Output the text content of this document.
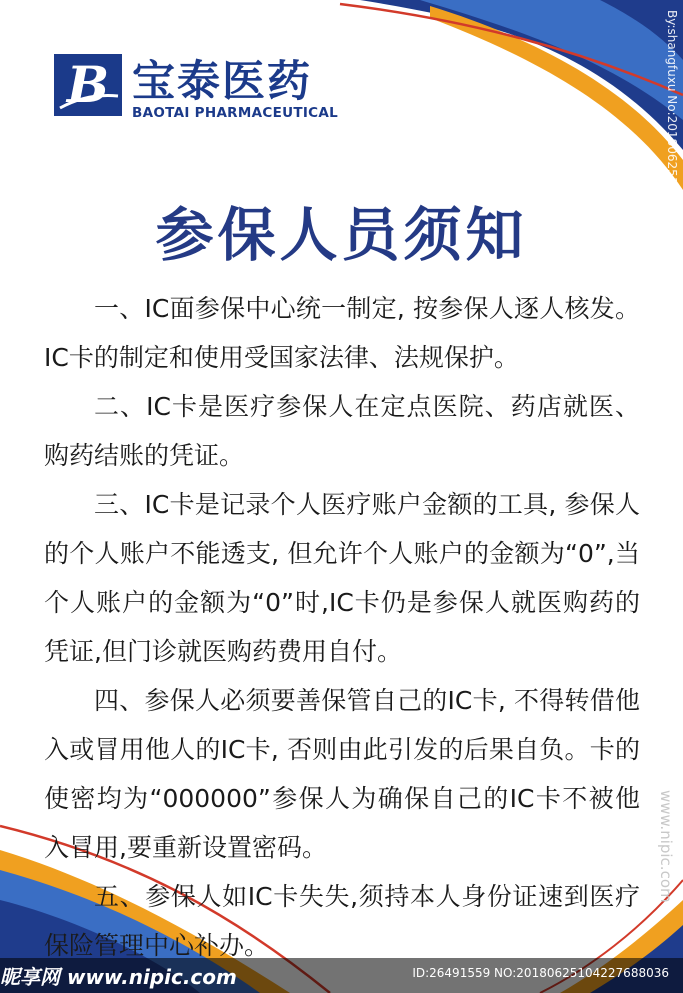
B 宝泰医药
BAOTAI PHARMACEUTICAL
参保人员须知

一、IC面参保中心统一制定, 按参保人逐人核发。IC卡的制定和使用受国家法律、法规保护。

二、IC卡是医疗参保人在定点医院、药店就医、购药结账的凭证。

三、IC卡是记录个人医疗账户金额的工具, 参保人的个人账户不能透支, 但允许个人账户的金额为“0”,当个人账户的金额为“0”时,IC卡仍是参保人就医购药的凭证,但门诊就医购药费用自付。

四、参保人必须要善保管自己的IC卡, 不得转借他入或冒用他人的IC卡, 否则由此引发的后果自负。卡的使密均为“000000”参保人为确保自己的IC卡不被他入冒用,要重新设置密码。

五、参保人如IC卡失失,须持本人身份证速到医疗保险管理中心补办。

By:shangfuxu No:20180625104227688036
www.nipic.com
昵享网 www.nipic.com	ID:26491559 NO:20180625104227688036
